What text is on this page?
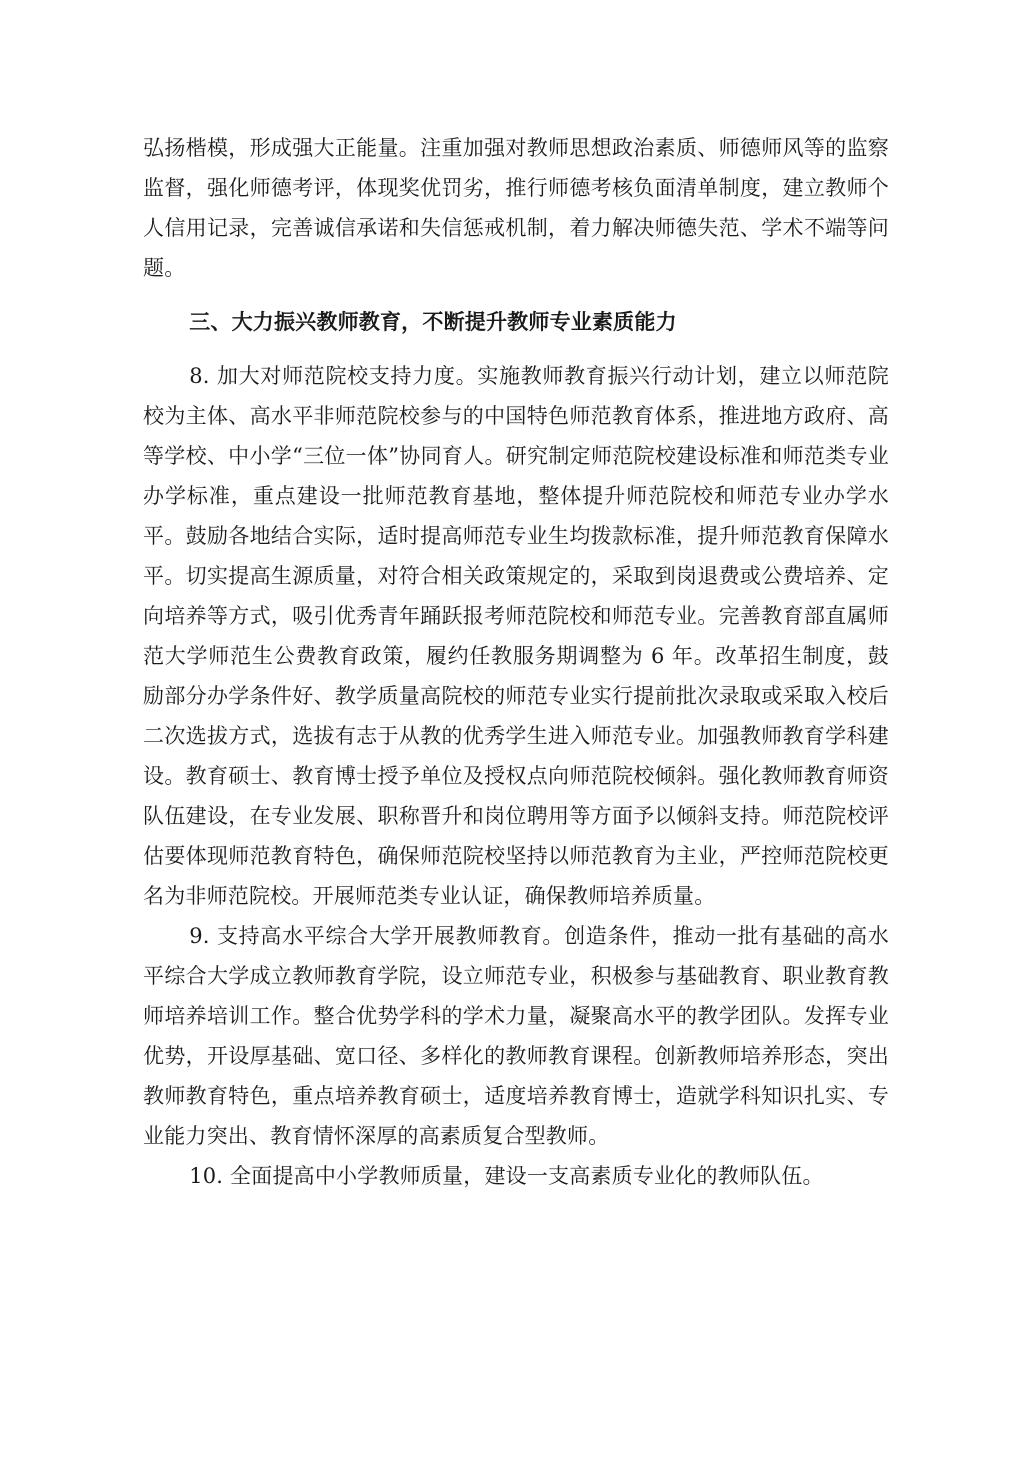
弘扬楷模，形成强大正能量。注重加强对教师思想政治素质、师德师风等的监察监督，强化师德考评，体现奖优罚劣，推行师德考核负面清单制度，建立教师个人信用记录，完善诚信承诺和失信惩戒机制，着力解决师德失范、学术不端等问题。

三、大力振兴教师教育，不断提升教师专业素质能力

8. 加大对师范院校支持力度。实施教师教育振兴行动计划，建立以师范院校为主体、高水平非师范院校参与的中国特色师范教育体系，推进地方政府、高等学校、中小学“三位一体”协同育人。研究制定师范院校建设标准和师范类专业办学标准，重点建设一批师范教育基地，整体提升师范院校和师范专业办学水平。鼓励各地结合实际，适时提高师范专业生均拨款标准，提升师范教育保障水平。切实提高生源质量，对符合相关政策规定的，采取到岗退费或公费培养、定向培养等方式，吸引优秀青年踊跃报考师范院校和师范专业。完善教育部直属师范大学师范生公费教育政策，履约任教服务期调整为 6 年。改革招生制度，鼓励部分办学条件好、教学质量高院校的师范专业实行提前批次录取或采取入校后二次选拔方式，选拔有志于从教的优秀学生进入师范专业。加强教师教育学科建设。教育硕士、教育博士授予单位及授权点向师范院校倾斜。强化教师教育师资队伍建设，在专业发展、职称晋升和岗位聘用等方面予以倾斜支持。师范院校评估要体现师范教育特色，确保师范院校坚持以师范教育为主业，严控师范院校更名为非师范院校。开展师范类专业认证，确保教师培养质量。

9. 支持高水平综合大学开展教师教育。创造条件，推动一批有基础的高水平综合大学成立教师教育学院，设立师范专业，积极参与基础教育、职业教育教师培养培训工作。整合优势学科的学术力量，凝聚高水平的教学团队。发挥专业优势，开设厚基础、宽口径、多样化的教师教育课程。创新教师培养形态，突出教师教育特色，重点培养教育硕士，适度培养教育博士，造就学科知识扎实、专业能力突出、教育情怀深厚的高素质复合型教师。

10. 全面提高中小学教师质量，建设一支高素质专业化的教师队伍。
